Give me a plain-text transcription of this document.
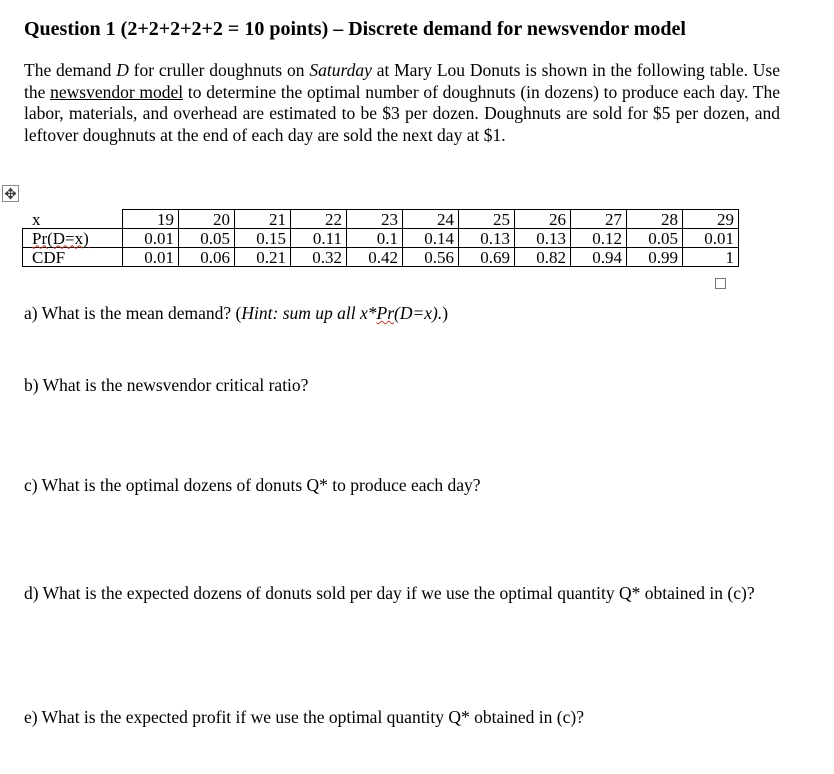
Question 1 (2+2+2+2+2 = 10 points) – Discrete demand for newsvendor model
The demand D for cruller doughnuts on Saturday at Mary Lou Donuts is shown in the following table. Use the newsvendor model to determine the optimal number of doughnuts (in dozens) to produce each day. The labor, materials, and overhead are estimated to be $3 per dozen. Doughnuts are sold for $5 per dozen, and leftover doughnuts at the end of each day are sold the next day at $1.
✥
x	19	20	21	22	23	24	25	26	27	28	29
Pr(D=x)	0.01	0.05	0.15	0.11	0.1	0.14	0.13	0.13	0.12	0.05	0.01
CDF	0.01	0.06	0.21	0.32	0.42	0.56	0.69	0.82	0.94	0.99	1
a) What is the mean demand? (Hint: sum up all x*Pr(D=x).)
b) What is the newsvendor critical ratio?
c) What is the optimal dozens of donuts Q* to produce each day?
d) What is the expected dozens of donuts sold per day if we use the optimal quantity Q* obtained in (c)?
e) What is the expected profit if we use the optimal quantity Q* obtained in (c)?
